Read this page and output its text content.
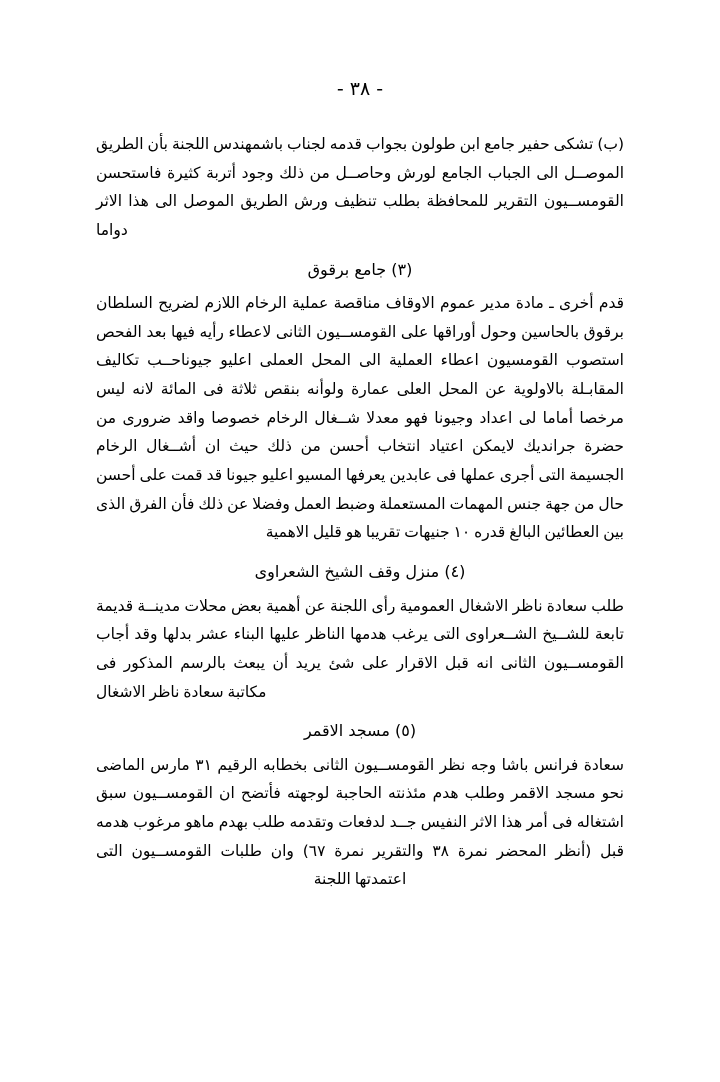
- ٣٨ -

(ب) تشكى حفير جامع ابن طولون بجواب قدمه لجناب باشمهندس اللجنة بأن الطريق الموصــل الى الجباب الجامع لورش وحاصــل من ذلك وجود أتربة كثيرة فاستحسن القومســيون التقرير للمحافظة بطلب تنظيف ورش الطريق الموصل الى هذا الاثر دواما

(٣) جامع برقوق

قدم أخرى ـ مادة مدير عموم الاوقاف مناقصة عملية الرخام اللازم لضريح السلطان برقوق بالحاسين وحول أوراقها على القومســيون الثانى لاعطاء رأيه فيها بعد الفحص استصوب القومسيون اعطاء العملية الى المحل العملى اعليو جيوناحــب تكاليف المقابـلة بالاولوية عن المحل العلى عمارة ولوأنه بنقص ثلاثة فى المائة لانه ليس مرخصا أماما لى اعداد وجيونا فهو معدلا شــغال الرخام خصوصا واقد ضرورى من حضرة جرانديك لايمكن اعتياد انتخاب أحسن من ذلك حيث ان أشــغال الرخام الجسيمة التى أجرى عملها فى عابدين يعرفها المسيو اعليو جيونا قد قمت على أحسن حال من جهة جنس المهمات المستعملة وضبط العمل وفضلا عن ذلك فأن الفرق الذى بين العطائين البالغ قدره ١٠ جنيهات تقريبا هو قليل الاهمية

(٤) منزل وقف الشيخ الشعراوى

طلب سعادة ناظر الاشغال العمومية رأى اللجنة عن أهمية بعض محلات مدينــة قديمة تابعة للشــيخ الشــعراوى التى يرغب هدمها الناظر عليها البناء عشر بدلها وقد أجاب القومســيون الثانى انه قبل الاقرار على شئ يريد أن يبعث بالرسم المذكور فى مكاتبة سعادة ناظر الاشغال

(٥) مسجد الاقمر

سعادة فرانس باشا وجه نظر القومســيون الثانى بخطابه الرقيم ٣١ مارس الماضى نحو مسجد الاقمر وطلب هدم مئذنته الحاجبة لوجهته فأتضح ان القومســيون سبق اشتغاله فى أمر هذا الاثر النفيس جــد لدفعات وتقدمه طلب بهدم ماهو مرغوب هدمه قبل (أنظر المحضر نمرة ٣٨ والتقرير نمرة ٦٧) وان طلبات القومســيون التى اعتمدتها اللجنة
